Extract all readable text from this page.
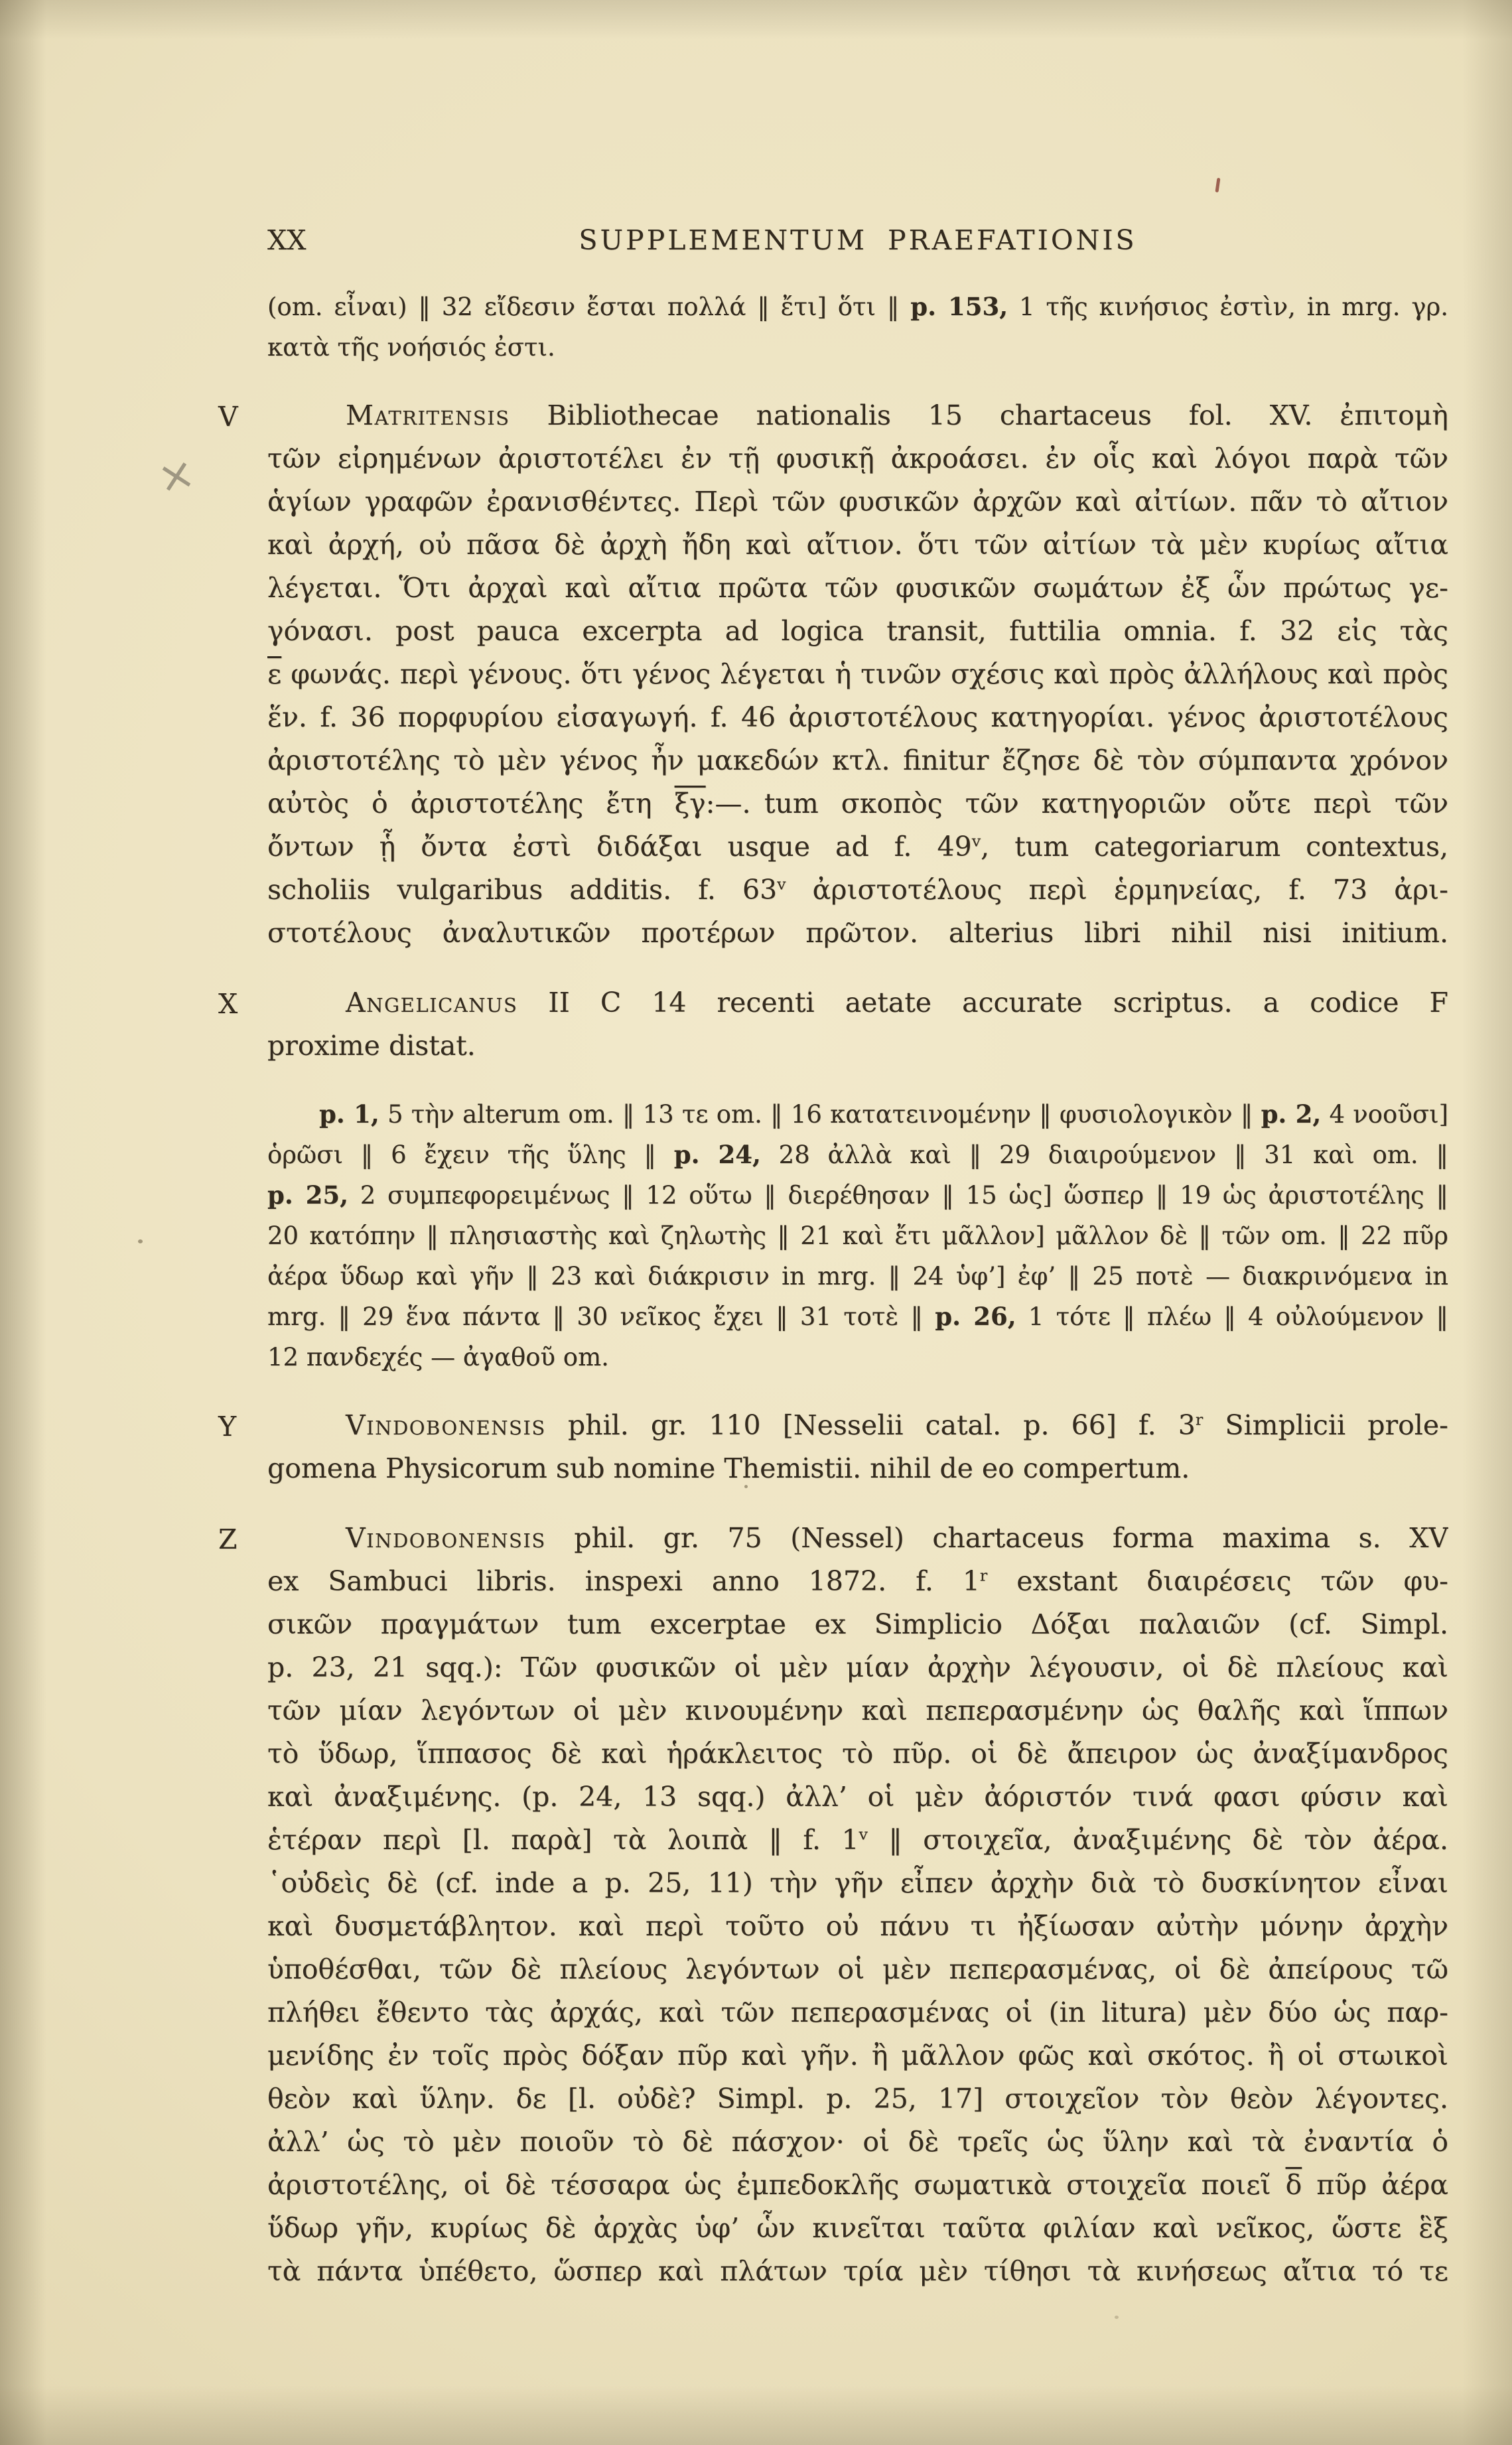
XX	SUPPLEMENTUM PRAEFATIONIS
×
(om. εἶναι) ‖ 32 εἴδεσιν ἔσται πολλά ‖ ἔτι] ὅτι ‖ p. 153, 1 τῆς κινήσιος ἐστὶν, in mrg. γρ.
κατὰ τῆς νοήσιός ἐστι.
V	Matritensis Bibliothecae nationalis 15 chartaceus fol. XV. ἐπιτομὴ
τῶν εἰρημένων ἀριστοτέλει ἐν τῇ φυσικῇ ἀκροάσει. ἐν οἷς καὶ λόγοι παρὰ τῶν
ἁγίων γραφῶν ἐρανισθέντες. Περὶ τῶν φυσικῶν ἀρχῶν καὶ αἰτίων. πᾶν τὸ αἴτιον
καὶ ἀρχή, οὐ πᾶσα δὲ ἀρχὴ ἤδη καὶ αἴτιον. ὅτι τῶν αἰτίων τὰ μὲν κυρίως αἴτια
λέγεται. Ὅτι ἀρχαὶ καὶ αἴτια πρῶτα τῶν φυσικῶν σωμάτων ἐξ ὧν πρώτως γε-
γόνασι. post pauca excerpta ad logica transit, futtilia omnia. f. 32 εἰς τὰς
$\overline{\varepsilon}$ φωνάς. περὶ γένους. ὅτι γένος λέγεται ἡ τινῶν σχέσις καὶ πρὸς ἀλλήλους καὶ πρὸς
ἕν. f. 36 πορφυρίου εἰσαγωγή. f. 46 ἀριστοτέλους κατηγορίαι. γένος ἀριστοτέλους
ἀριστοτέλης τὸ μὲν γένος ἦν μακεδών κτλ. finitur ἔζησε δὲ τὸν σύμπαντα χρόνον
αὐτὸς ὁ ἀριστοτέλης ἔτη $\overline{\xi\gamma}:—$. tum σκοπὸς τῶν κατηγοριῶν οὔτε περὶ τῶν
ὄντων ᾗ ὄντα ἐστὶ διδάξαι usque ad f. 49$^v$, tum categoriarum contextus,
scholiis vulgaribus additis. f. 63$^v$ ἀριστοτέλους περὶ ἑρμηνείας, f. 73 ἀρι-
στοτέλους ἀναλυτικῶν προτέρων πρῶτον. alterius libri nihil nisi initium.
X	Angelicanus II C 14 recenti aetate accurate scriptus. a codice F
proxime distat.
p. 1, 5 τὴν alterum om. ‖ 13 τε om. ‖ 16 κατατεινομένην ‖ φυσιολογικὸν ‖ p. 2, 4 νοοῦσι]
ὁρῶσι ‖ 6 ἔχειν τῆς ὕλης ‖ p. 24, 28 ἀλλὰ καὶ ‖ 29 διαιρούμενον ‖ 31 καὶ om. ‖
p. 25, 2 συμπεφορειμένως ‖ 12 οὕτω ‖ διερέθησαν ‖ 15 ὡς] ὥσπερ ‖ 19 ὡς ἀριστοτέλης ‖
20 κατόπην ‖ πλησιαστὴς καὶ ζηλωτὴς ‖ 21 καὶ ἔτι μᾶλλον] μᾶλλον δὲ ‖ τῶν om. ‖ 22 πῦρ
ἀέρα ὕδωρ καὶ γῆν ‖ 23 καὶ διάκρισιν in mrg. ‖ 24 ὑφ’] ἐφ’ ‖ 25 ποτὲ — διακρινόμενα in
mrg. ‖ 29 ἕνα πάντα ‖ 30 νεῖκος ἔχει ‖ 31 τοτὲ ‖ p. 26, 1 τότε ‖ πλέω ‖ 4 οὐλούμενον ‖
12 πανδεχές — ἀγαθοῦ om.
Y	Vindobonensis phil. gr. 110 [Nesselii catal. p. 66] f. 3$^r$ Simplicii prole-
gomena Physicorum sub nomine Themistii. nihil de eo compertum.
Z	Vindobonensis phil. gr. 75 (Nessel) chartaceus forma maxima s. XV
ex Sambuci libris. inspexi anno 1872. f. 1$^r$ exstant διαιρέσεις τῶν φυ-
σικῶν πραγμάτων tum excerptae ex Simplicio Δόξαι παλαιῶν (cf. Simpl.
p. 23, 21 sqq.): Τῶν φυσικῶν οἱ μὲν μίαν ἀρχὴν λέγουσιν, οἱ δὲ πλείους καὶ
τῶν μίαν λεγόντων οἱ μὲν κινουμένην καὶ πεπερασμένην ὡς θαλῆς καὶ ἵππων
τὸ ὕδωρ, ἵππασος δὲ καὶ ἡράκλειτος τὸ πῦρ. οἱ δὲ ἄπειρον ὡς ἀναξίμανδρος
καὶ ἀναξιμένης. (p. 24, 13 sqq.) ἀλλ’ οἱ μὲν ἀόριστόν τινά φασι φύσιν καὶ
ἑτέραν περὶ [l. παρὰ] τὰ λοιπὰ ‖ f. 1$^v$ ‖ στοιχεῖα, ἀναξιμένης δὲ τὸν ἀέρα.
῾οὐδεὶς δὲ (cf. inde a p. 25, 11) τὴν γῆν εἶπεν ἀρχὴν διὰ τὸ δυσκίνητον εἶναι
καὶ δυσμετάβλητον. καὶ περὶ τοῦτο οὐ πάνυ τι ἠξίωσαν αὐτὴν μόνην ἀρχὴν
ὑποθέσθαι, τῶν δὲ πλείους λεγόντων οἱ μὲν πεπερασμένας, οἱ δὲ ἀπείρους τῶ
πλήθει ἔθεντο τὰς ἀρχάς, καὶ τῶν πεπερασμένας οἱ (in litura) μὲν δύο ὡς παρ-
μενίδης ἐν τοῖς πρὸς δόξαν πῦρ καὶ γῆν. ἢ μᾶλλον φῶς καὶ σκότος. ἢ οἱ στωικοὶ
θεὸν καὶ ὕλην. δε [l. οὐδὲ? Simpl. p. 25, 17] στοιχεῖον τὸν θεὸν λέγοντες.
ἀλλ’ ὡς τὸ μὲν ποιοῦν τὸ δὲ πάσχον· οἱ δὲ τρεῖς ὡς ὕλην καὶ τὰ ἐναντία ὁ
ἀριστοτέλης, οἱ δὲ τέσσαρα ὡς ἐμπεδοκλῆς σωματικὰ στοιχεῖα ποιεῖ $\overline{\delta}$ πῦρ ἀέρα
ὕδωρ γῆν, κυρίως δὲ ἀρχὰς ὑφ’ ὧν κινεῖται ταῦτα φιλίαν καὶ νεῖκος, ὥστε ἓξ
τὰ πάντα ὑπέθετο, ὥσπερ καὶ πλάτων τρία μὲν τίθησι τὰ κινήσεως αἴτια τό τε
